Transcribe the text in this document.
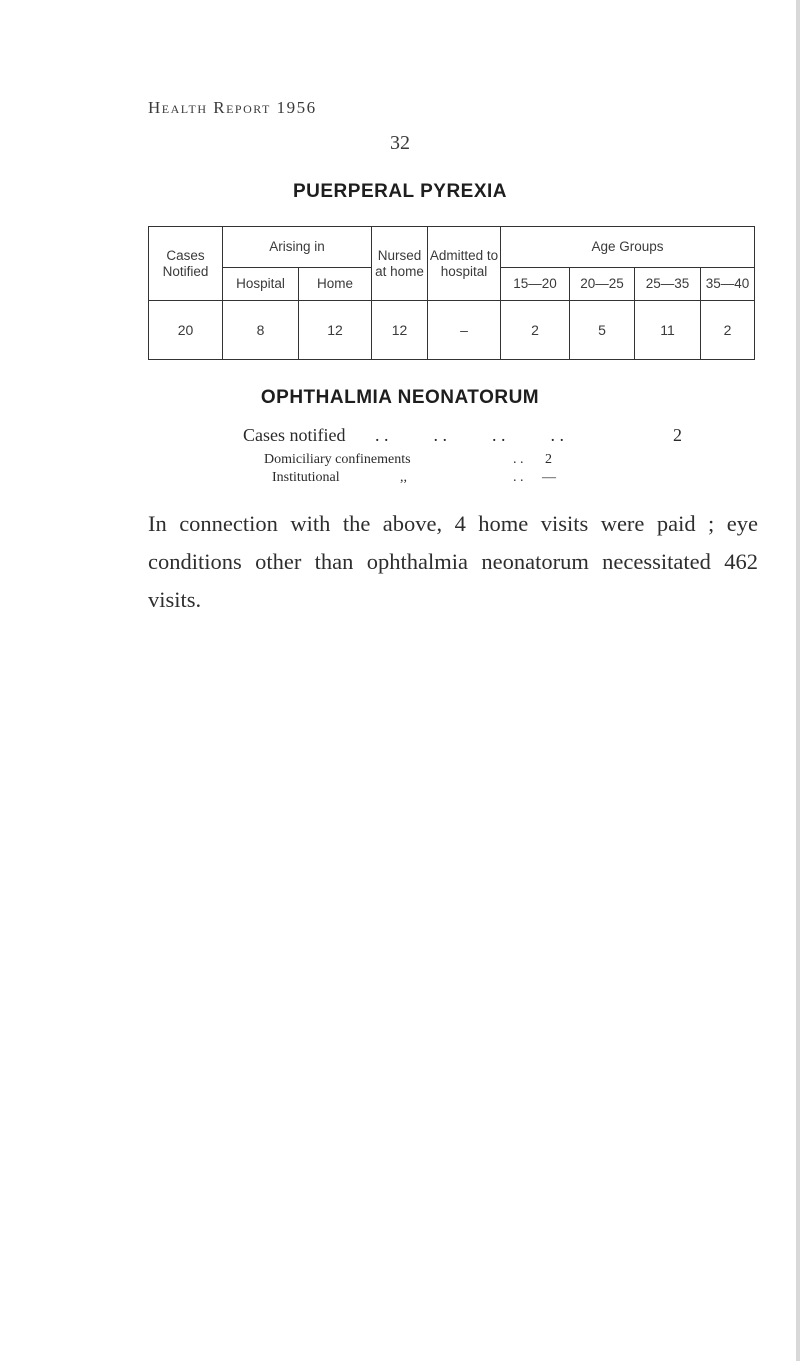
Health Report 1956
32
PUERPERAL PYREXIA
Cases Notified	Arising in		Nursed at home	Admitted to hospital	Age Groups			
	Hospital	Home			15—20	20—25	25—35	35—40
20	8	12	12	–	2	5	11	2
OPHTHALMIA NEONATORUM
Cases notified . .          . .          . .          . .	2
Domiciliary confinements	. . 2
Institutional	,,	. . —
In connection with the above, 4 home visits were paid ; eye conditions other than ophthalmia neonatorum necessitated 462 visits.
